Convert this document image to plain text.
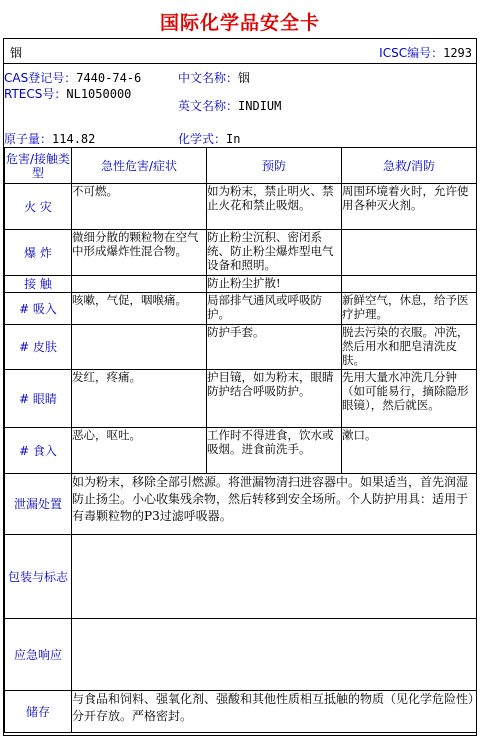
国际化学品安全卡
铟	ICSC编号：1293
CAS登记号：7440-74-6
RTECS号：NL1050000
中文名称：铟
英文名称：INDIUM
原子量：114.82	化学式：In
危害/接触类型	急性危害/症状	预防	急救/消防
火 灾	不可燃。	如为粉末，禁止明火、禁止火花和禁止吸烟。	周围环境着火时，允许使用各种灭火剂。
爆 炸	微细分散的颗粒物在空气中形成爆炸性混合物。	防止粉尘沉积、密闭系统、防止粉尘爆炸型电气设备和照明。	
接 触		防止粉尘扩散!	
# 吸入	咳嗽，气促，咽喉痛。	局部排气通风或呼吸防护。	新鲜空气，休息，给予医疗护理。
# 皮肤		防护手套。	脱去污染的衣服。冲洗，然后用水和肥皂清洗皮肤。
# 眼睛	发红，疼痛。	护目镜，如为粉末，眼睛防护结合呼吸防护。	先用大量水冲洗几分钟（如可能易行，摘除隐形眼镜），然后就医。
# 食入	恶心，呕吐。	工作时不得进食，饮水或吸烟。进食前洗手。	漱口。
泄漏处置	如为粉末，移除全部引燃源。将泄漏物清扫进容器中。如果适当，首先润湿防止扬尘。小心收集残余物，然后转移到安全场所。个人防护用具：适用于有毒颗粒物的P3过滤呼吸器。		
包装与标志			
应急响应			
储存	与食品和饲料、强氧化剂、强酸和其他性质相互抵触的物质（见化学危险性）分开存放。严格密封。		
